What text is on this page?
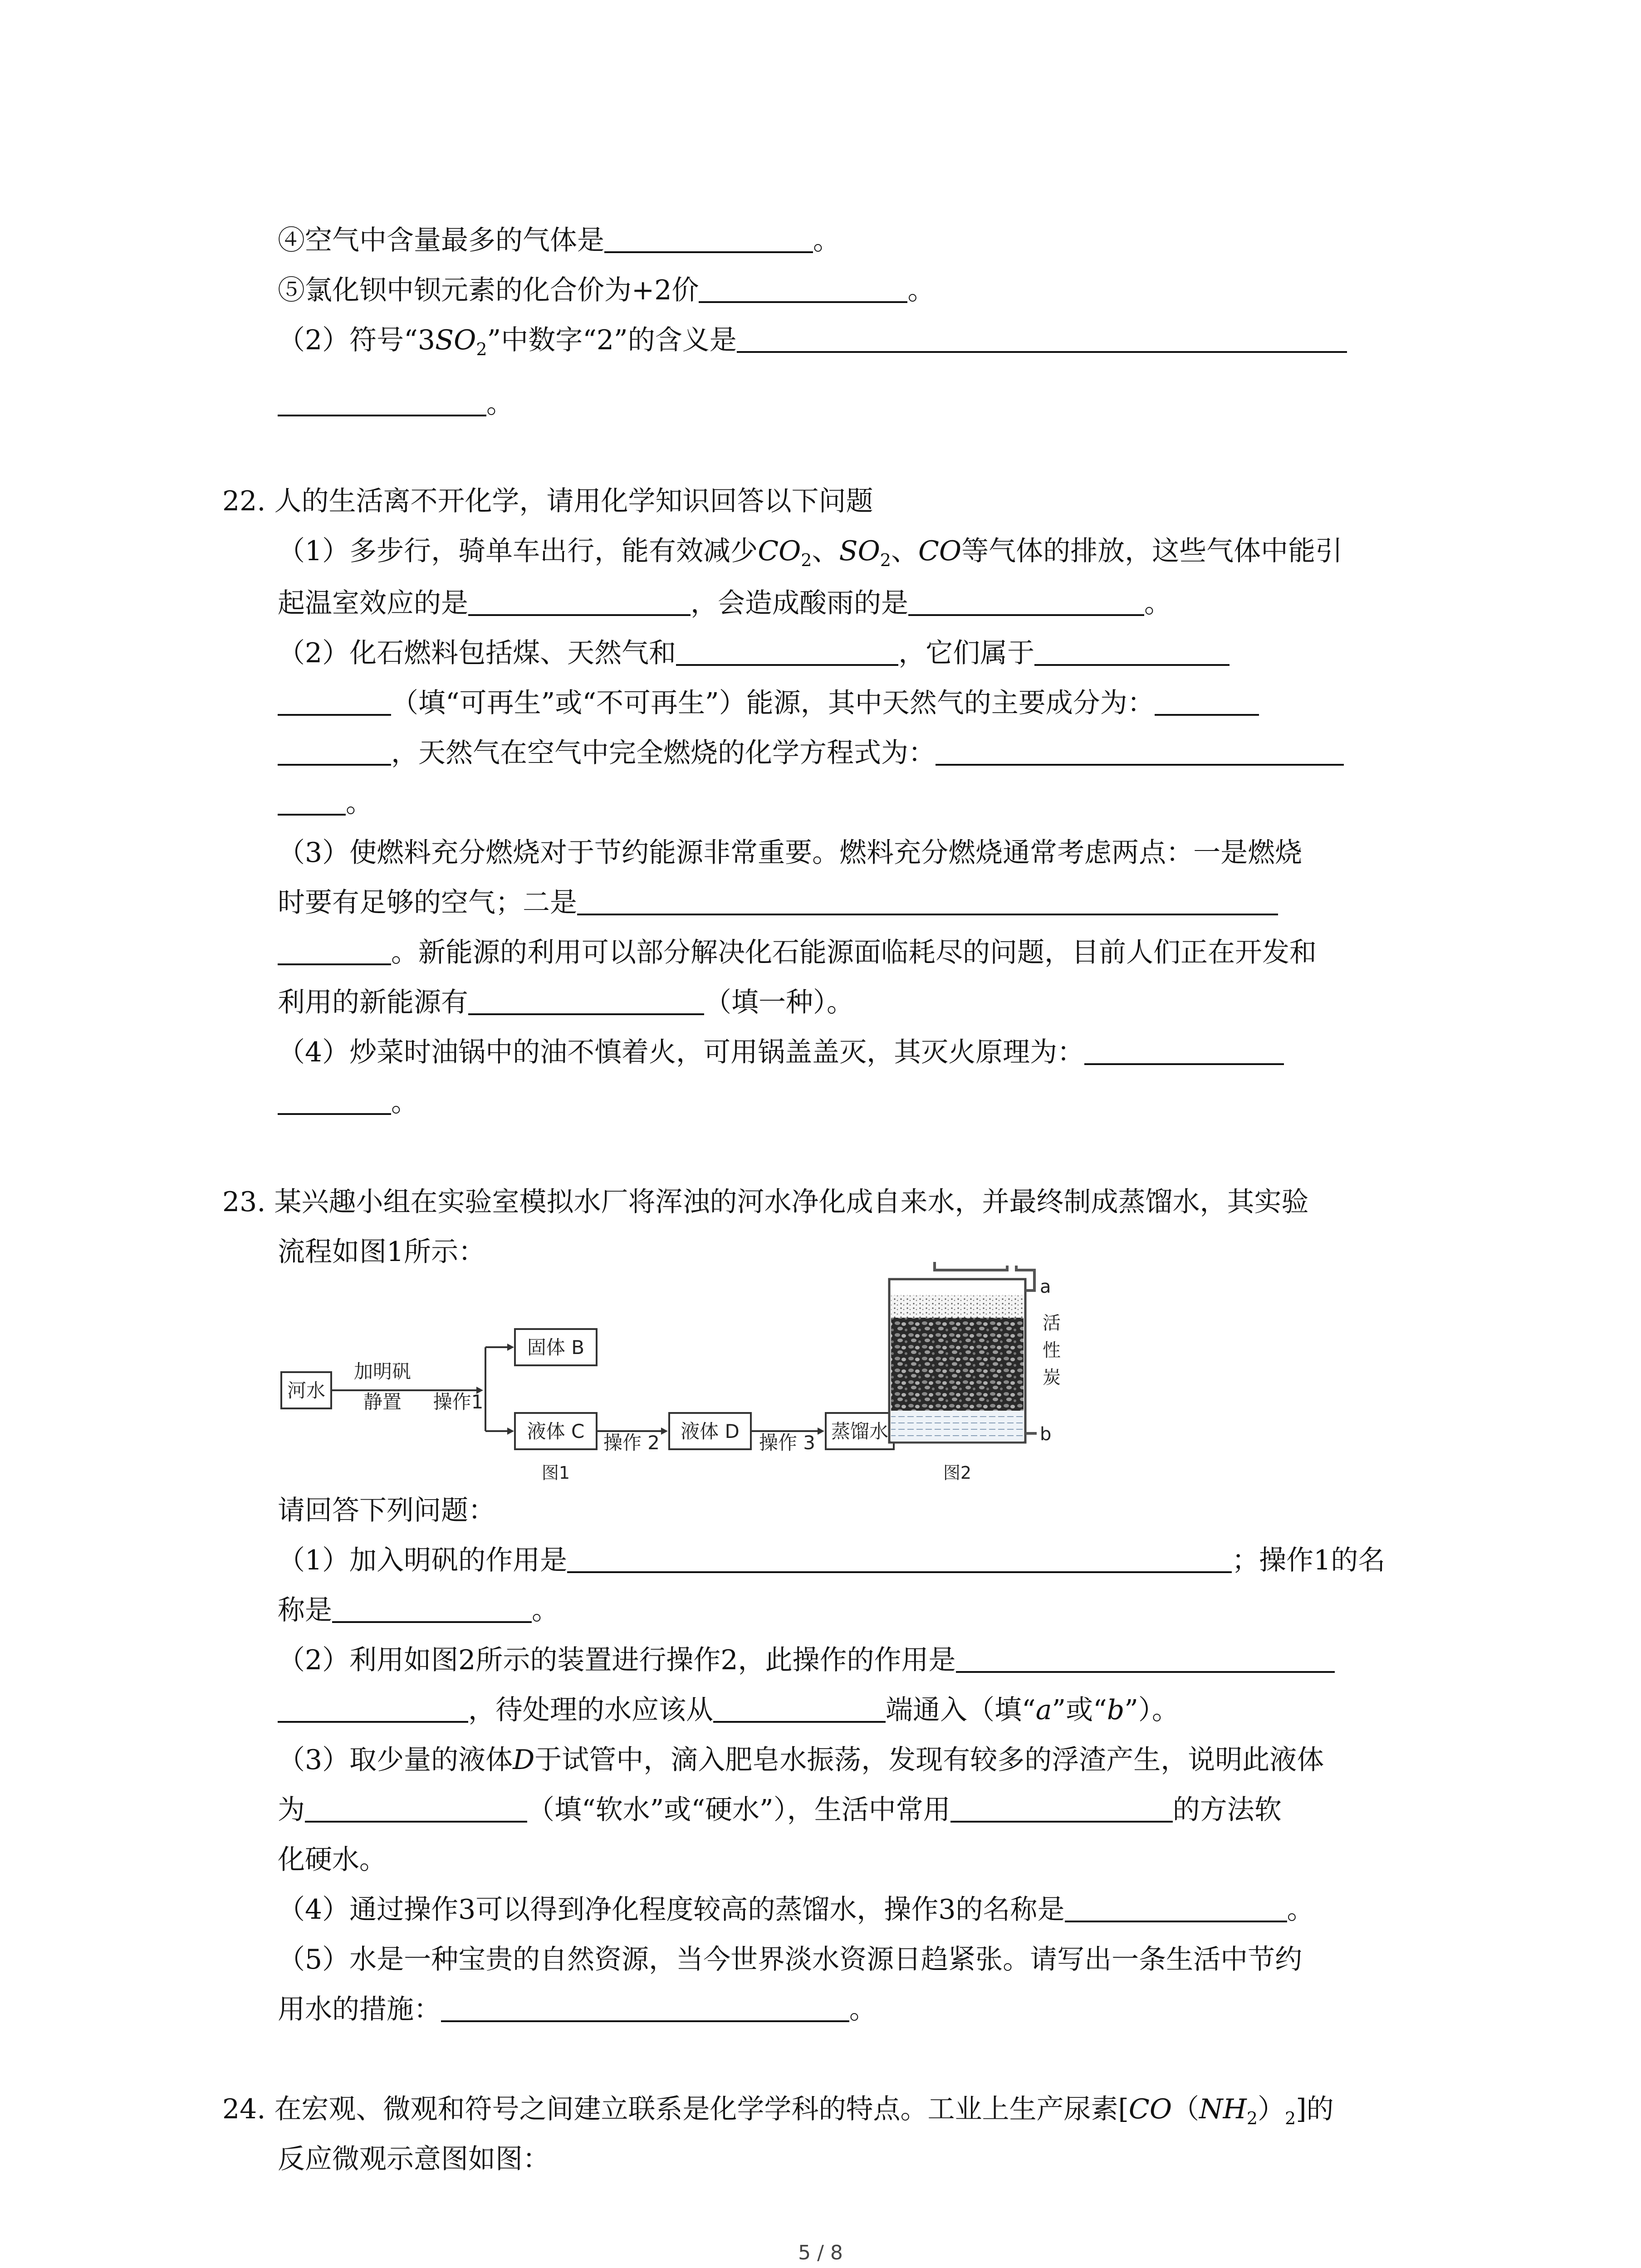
④空气中含量最多的气体是	。
⑤氯化钡中钡元素的化合价为+2价	。
（2）符号“$3SO_2$”中数字“2”的含义是
。
22. 人的生活离不开化学，请用化学知识回答以下问题
（1）多步行，骑单车出行，能有效减少$CO_2$、$SO_2$、CO等气体的排放，这些气体中能引
起温室效应的是	，会造成酸雨的是	。
（2）化石燃料包括煤、天然气和	，它们属于
（填“可再生”或“不可再生”）能源，其中天然气的主要成分为：
，天然气在空气中完全燃烧的化学方程式为：
。
（3）使燃料充分燃烧对于节约能源非常重要。燃料充分燃烧通常考虑两点：一是燃烧
时要有足够的空气；二是
。新能源的利用可以部分解决化石能源面临耗尽的问题，目前人们正在开发和
利用的新能源有	（填一种）。
（4）炒菜时油锅中的油不慎着火，可用锅盖盖灭，其灭火原理为：
。
23. 某兴趣小组在实验室模拟水厂将浑浊的河水净化成自来水，并最终制成蒸馏水，其实验
流程如图1所示：
河水
加明矾
静置 操作1
固体 B
液体 C
操作 2
液体 D
操作 3
蒸馏水
图1
a
活
性
炭
b
图2
请回答下列问题：
（1）加入明矾的作用是	；操作1的名
称是	。
（2）利用如图2所示的装置进行操作2，此操作的作用是
，待处理的水应该从	端通入（填“a”或“b”）。
（3）取少量的液体D于试管中，滴入肥皂水振荡，发现有较多的浮渣产生，说明此液体
为	（填“软水”或“硬水”），生活中常用	的方法软
化硬水。
（4）通过操作3可以得到净化程度较高的蒸馏水，操作3的名称是	。
（5）水是一种宝贵的自然资源，当今世界淡水资源日趋紧张。请写出一条生活中节约
用水的措施：	。
24. 在宏观、微观和符号之间建立联系是化学学科的特点。工业上生产尿素$[CO(NH_2)_2]$的
反应微观示意图如图：
5 / 8
